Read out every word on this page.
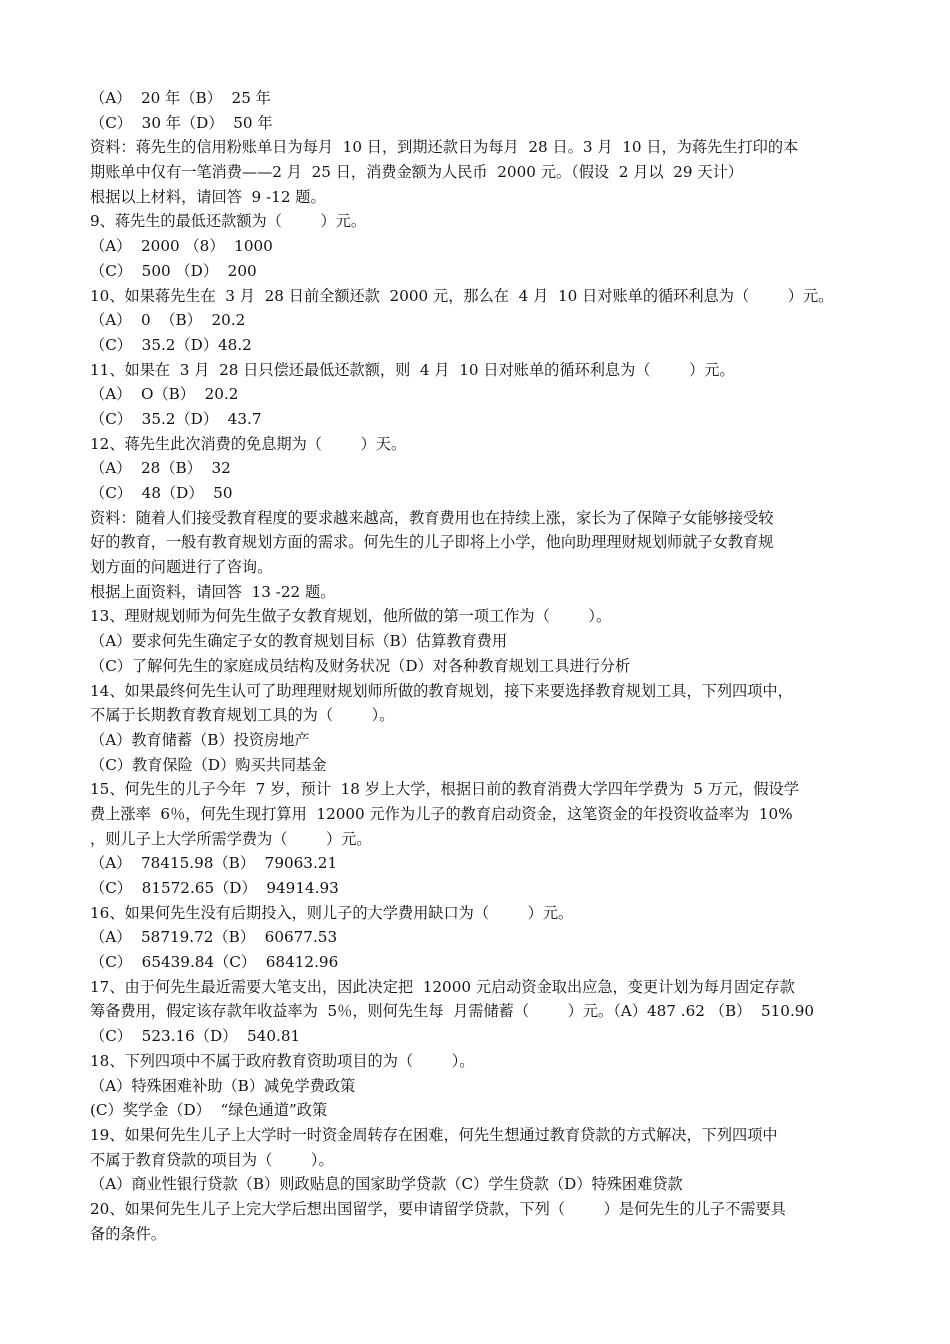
（A）  20 年（B）  25 年
（C）  30 年（D）  50 年
资料：蒋先生的信用粉账单日为每月  10 日，到期还款日为每月  28 日。3 月  10 日，为蒋先生打印的本
期账单中仅有一笔消费——2 月  25 日，消费金额为人民币  2000 元。（假设  2 月以  29 天计）
根据以上材料，请回答  9 -12 题。
9、蒋先生的最低还款额为（        ）元。
（A）  2000 （8）  1000
（C）  500 （D）  200
10、如果蒋先生在  3 月  28 日前全额还款  2000 元，那么在  4 月  10 日对账单的循环利息为（        ）元。
（A）  0  （B）  20.2
（C）  35.2（D）48.2
11、如果在  3 月  28 日只偿还最低还款额，则  4 月  10 日对账单的循环利息为（        ）元。
（A）  O（B）  20.2
（C）  35.2（D）  43.7
12、蒋先生此次消费的免息期为（        ）天。
（A）  28（B）  32
（C）  48（D）  50
资料：随着人们接受教育程度的要求越来越高，教育费用也在持续上涨，家长为了保障子女能够接受较
好的教育，一般有教育规划方面的需求。何先生的儿子即将上小学，他向助理理财规划师就子女教育规
划方面的问题进行了咨询。
根据上面资料，请回答  13 -22 题。
13、理财规划师为何先生做子女教育规划，他所做的第一项工作为（        ）。
（A）要求何先生确定子女的教育规划目标（B）估算教育费用
（C）了解何先生的家庭成员结构及财务状况（D）对各种教育规划工具进行分析
14、如果最终何先生认可了助理理财规划师所做的教育规划，接下来要选择教育规划工具，下列四项中，
不属于长期教育教育规划工具的为（        ）。
（A）教育储蓄（B）投资房地产
（C）教育保险（D）购买共同基金
15、何先生的儿子今年  7 岁，预计  18 岁上大学，根据日前的教育消费大学四年学费为  5 万元，假设学
费上涨率  6％，何先生现打算用  12000 元作为儿子的教育启动资金，这笔资金的年投资收益率为  10%
，则儿子上大学所需学费为（        ）元。
（A）  78415.98（B）  79063.21
（C）  81572.65（D）  94914.93
16、如果何先生没有后期投入，则儿子的大学费用缺口为（        ）元。
（A）  58719.72（B）  60677.53
（C）  65439.84（C）  68412.96
17、由于何先生最近需要大笔支出，因此决定把  12000 元启动资金取出应急，变更计划为每月固定存款
筹备费用，假定该存款年收益率为  5％，则何先生每  月需储蓄（        ）元。（A）487 .62 （B）  510.90
（C）  523.16（D）  540.81
18、下列四项中不属于政府教育资助项目的为（        ）。
（A）特殊困难补助（B）减免学费政策
(C）奖学金（D）  “绿色通道”政策
19、如果何先生儿子上大学时一时资金周转存在困难，何先生想通过教育贷款的方式解决，下列四项中
不属于教育贷款的项目为（        ）。
（A）商业性银行贷款（B）则政贴息的国家助学贷款（C）学生贷款（D）特殊困难贷款
20、如果何先生儿子上完大学后想出国留学，要申请留学贷款，下列（        ）是何先生的儿子不需要具
备的条件。
